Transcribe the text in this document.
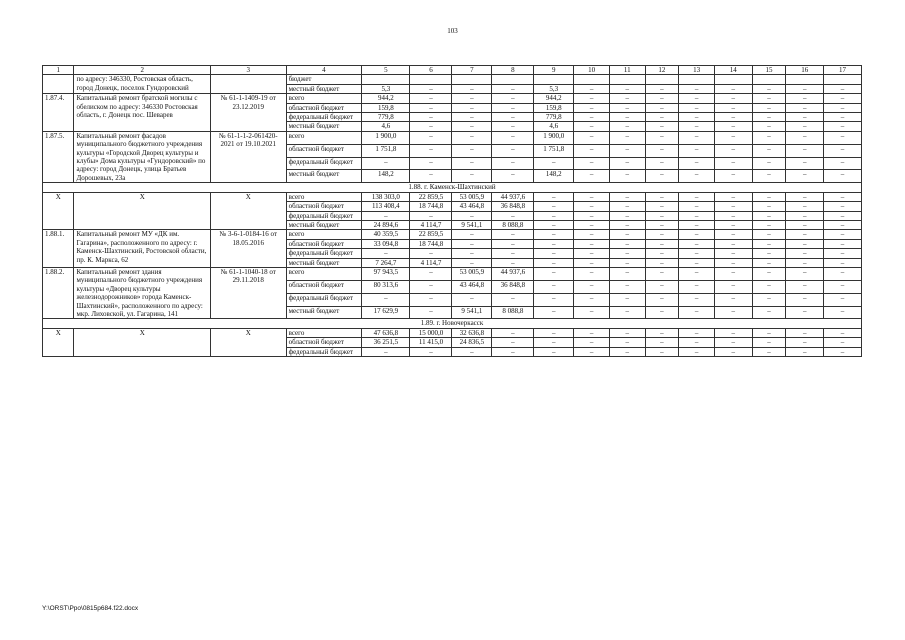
103
1	2	3	4	5	6	7	8	9	10	11	12	13	14	15	16	17
	по адресу: 346330, Ростовская область, город Донецк, поселок Гундоровский		бюджет													
			местный бюджет	5,3	–	–	–	5,3	–	–	–	–	–	–	–	–
1.87.4.	Капитальный ремонт братской могилы с обелиском по адресу: 346330 Ростовская область, г. Донецк пос. Шеварев	№ 61-1-1409-19 от 23.12.2019	всего	944,2	–	–	–	944,2	–	–	–	–	–	–	–	–
			областной бюджет	159,8	–	–	–	159,8	–	–	–	–	–	–	–	–
			федеральный бюджет	779,8	–	–	–	779,8	–	–	–	–	–	–	–	–
			местный бюджет	4,6	–	–	–	4,6	–	–	–	–	–	–	–	–
1.87.5.	Капитальный ремонт фасадов муниципального бюджетного учреждения культуры «Городской Дворец культуры и клубы» Дома культуры «Гундоровский» по адресу: город Донецк, улица Братьев Дорошевых, 23а	№ 61-1-1-2-061420-2021 от 19.10.2021	всего	1 900,0	–	–	–	1 900,0	–	–	–	–	–	–	–	–
			областной бюджет	1 751,8	–	–	–	1 751,8	–	–	–	–	–	–	–	–
			федеральный бюджет	–	–	–	–	–	–	–	–	–	–	–	–	–
			местный бюджет	148,2	–	–	–	148,2	–	–	–	–	–	–	–	–
1.88. г. Каменск-Шахтинский																
X	X	X	всего	138 303,0	22 859,5	53 005,9	44 937,6	–	–	–	–	–	–	–	–	–
			областной бюджет	113 408,4	18 744,8	43 464,8	36 848,8	–	–	–	–	–	–	–	–	–
			федеральный бюджет	–	–	–	–	–	–	–	–	–	–	–	–	–
			местный бюджет	24 894,6	4 114,7	9 541,1	8 088,8	–	–	–	–	–	–	–	–	–
1.88.1.	Капитальный ремонт МУ «ДК им. Гагарина», расположенного по адресу: г. Каменск-Шахтинский, Ростовской области, пр. К. Маркса, 62	№ 3-6-1-0184-16 от 18.05.2016	всего	40 359,5	22 859,5	–	–	–	–	–	–	–	–	–	–	–
			областной бюджет	33 094,8	18 744,8	–	–	–	–	–	–	–	–	–	–	–
			федеральный бюджет	–	–	–	–	–	–	–	–	–	–	–	–	–
			местный бюджет	7 264,7	4 114,7	–	–	–	–	–	–	–	–	–	–	–
1.88.2.	Капитальный ремонт здания муниципального бюджетного учреждения культуры «Дворец культуры железнодорожников» города Каменск-Шахтинский», расположенного по адресу: мкр. Лиховской, ул. Гагарина, 141	№ 61-1-1040-18 от 29.11.2018	всего	97 943,5	–	53 005,9	44 937,6	–	–	–	–	–	–	–	–	–
			областной бюджет	80 313,6	–	43 464,8	36 848,8	–	–	–	–	–	–	–	–	–
			федеральный бюджет	–	–	–	–	–	–	–	–	–	–	–	–	–
			местный бюджет	17 629,9	–	9 541,1	8 088,8	–	–	–	–	–	–	–	–	–
1.89. г. Новочеркасск																
X	X	X	всего	47 636,8	15 000,0	32 636,8	–	–	–	–	–	–	–	–	–	–
			областной бюджет	36 251,5	11 415,0	24 836,5	–	–	–	–	–	–	–	–	–	–
			федеральный бюджет	–	–	–	–	–	–	–	–	–	–	–	–	–
Y:\ORST\Ppo\0815p684.f22.docx
